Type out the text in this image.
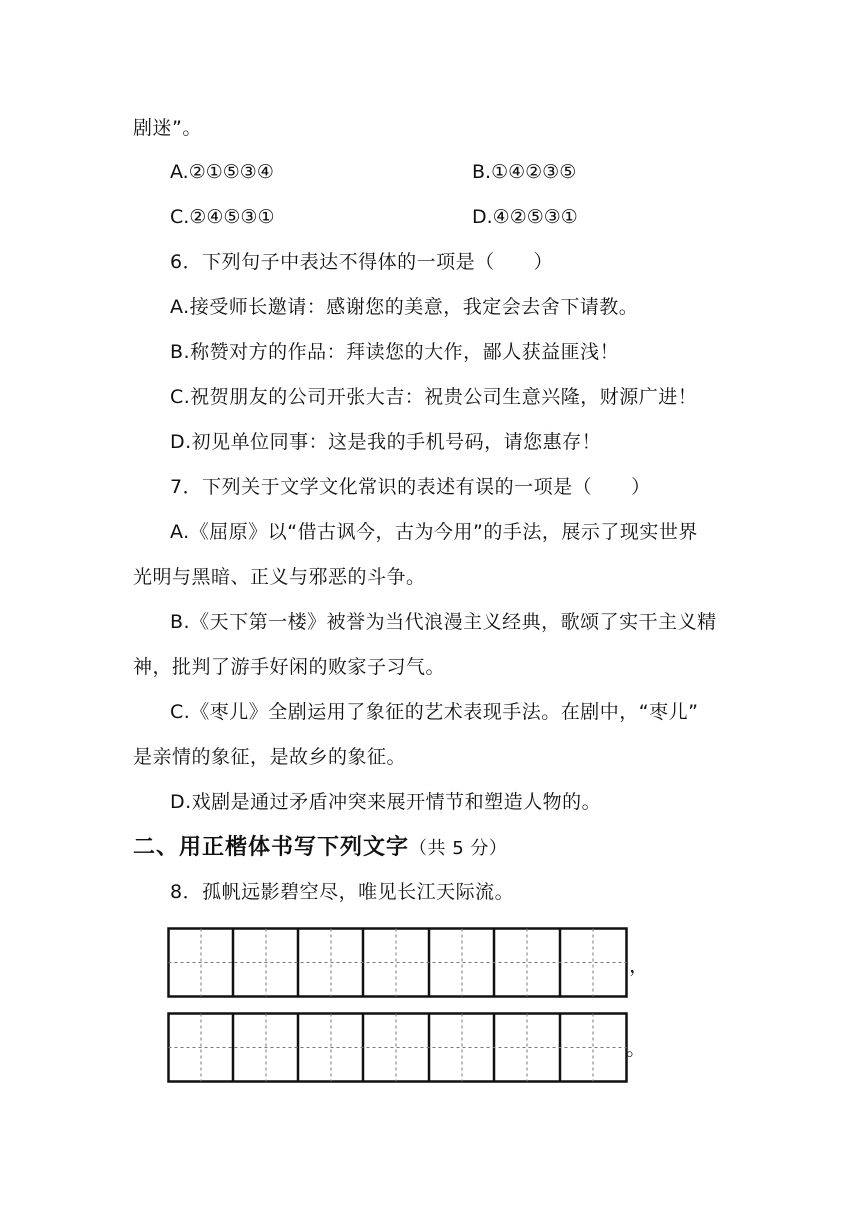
剧迷”。
A.②①⑤③④	B.①④②③⑤
C.②④⑤③①	D.④②⑤③①
6．下列句子中表达不得体的一项是（　　）
A.接受师长邀请：感谢您的美意，我定会去舍下请教。
B.称赞对方的作品：拜读您的大作，鄙人获益匪浅！
C.祝贺朋友的公司开张大吉：祝贵公司生意兴隆，财源广进！
D.初见单位同事：这是我的手机号码，请您惠存！
7．下列关于文学文化常识的表述有误的一项是（　　）
A.《屈原》以“借古讽今，古为今用”的手法，展示了现实世界
光明与黑暗、正义与邪恶的斗争。
B.《天下第一楼》被誉为当代浪漫主义经典，歌颂了实干主义精
神，批判了游手好闲的败家子习气。
C.《枣儿》全剧运用了象征的艺术表现手法。在剧中，“枣儿”
是亲情的象征，是故乡的象征。
D.戏剧是通过矛盾冲突来展开情节和塑造人物的。
二、用正楷体书写下列文字（共 5 分）
8．孤帆远影碧空尽，唯见长江天际流。
，
。
